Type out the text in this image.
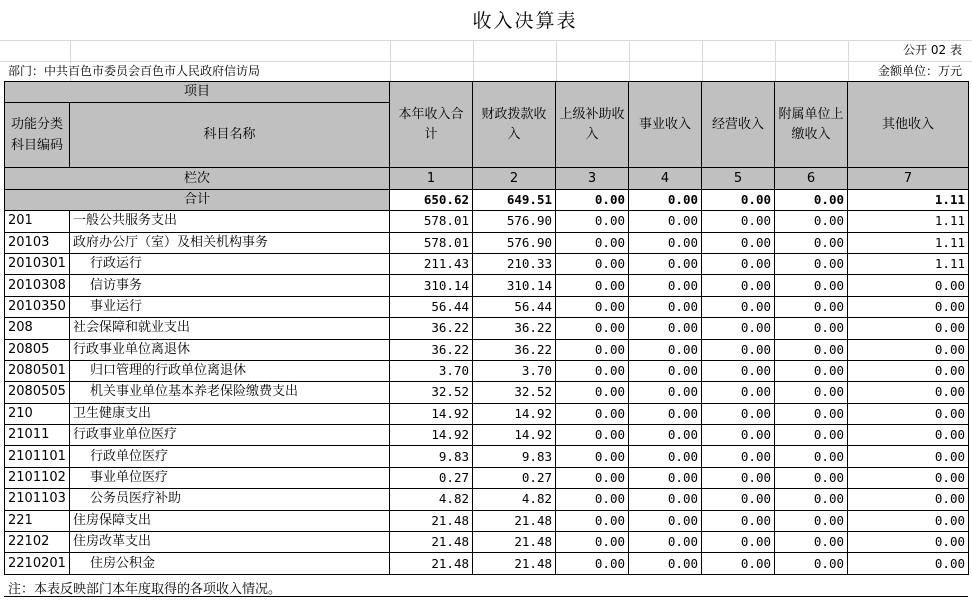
收入决算表
公开 02 表
部门：中共百色市委员会百色市人民政府信访局	金额单位：万元
项目		本年收入合计	财政拨款收入	上级补助收入	事业收入	经营收入	附属单位上缴收入	其他收入
功能分类科目编码	科目名称							
栏次		1	2	3	4	5	6	7
合计		650.62	649.51	0.00	0.00	0.00	0.00	1.11
201	一般公共服务支出	578.01	576.90	0.00	0.00	0.00	0.00	1.11
20103	政府办公厅（室）及相关机构事务	578.01	576.90	0.00	0.00	0.00	0.00	1.11
2010301	行政运行	211.43	210.33	0.00	0.00	0.00	0.00	1.11
2010308	信访事务	310.14	310.14	0.00	0.00	0.00	0.00	0.00
2010350	事业运行	56.44	56.44	0.00	0.00	0.00	0.00	0.00
208	社会保障和就业支出	36.22	36.22	0.00	0.00	0.00	0.00	0.00
20805	行政事业单位离退休	36.22	36.22	0.00	0.00	0.00	0.00	0.00
2080501	归口管理的行政单位离退休	3.70	3.70	0.00	0.00	0.00	0.00	0.00
2080505	机关事业单位基本养老保险缴费支出	32.52	32.52	0.00	0.00	0.00	0.00	0.00
210	卫生健康支出	14.92	14.92	0.00	0.00	0.00	0.00	0.00
21011	行政事业单位医疗	14.92	14.92	0.00	0.00	0.00	0.00	0.00
2101101	行政单位医疗	9.83	9.83	0.00	0.00	0.00	0.00	0.00
2101102	事业单位医疗	0.27	0.27	0.00	0.00	0.00	0.00	0.00
2101103	公务员医疗补助	4.82	4.82	0.00	0.00	0.00	0.00	0.00
221	住房保障支出	21.48	21.48	0.00	0.00	0.00	0.00	0.00
22102	住房改革支出	21.48	21.48	0.00	0.00	0.00	0.00	0.00
2210201	住房公积金	21.48	21.48	0.00	0.00	0.00	0.00	0.00
注：本表反映部门本年度取得的各项收入情况。
